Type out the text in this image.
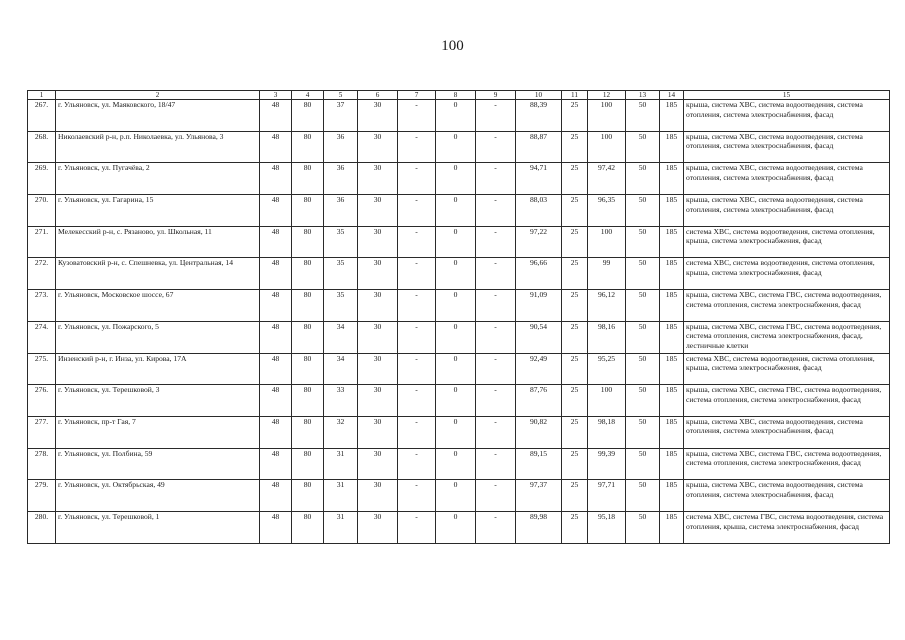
100
1	2	3	4	5	6	7	8	9	10	11	12	13	14	15
267.	г. Ульяновск, ул. Маяковского, 18/47	48	80	37	30	-	0	-	88,39	25	100	50	185	крыша, система ХВС, система водоотведения, система отопления, система электроснабжения, фасад
268.	Николаевский р-н, р.п. Николаевка, ул. Ульянова, 3	48	80	36	30	-	0	-	88,87	25	100	50	185	крыша, система ХВС, система водоотведения, система отопления, система электроснабжения, фасад
269.	г. Ульяновск, ул. Пугачёва, 2	48	80	36	30	-	0	-	94,71	25	97,42	50	185	крыша, система ХВС, система водоотведения, система отопления, система электроснабжения, фасад
270.	г. Ульяновск, ул. Гагарина, 15	48	80	36	30	-	0	-	88,03	25	96,35	50	185	крыша, система ХВС, система водоотведения, система отопления, система электроснабжения, фасад
271.	Мелекесский р-н, с. Рязаново, ул. Школьная, 11	48	80	35	30	-	0	-	97,22	25	100	50	185	система ХВС, система водоотведения, система отопления, крыша, система электроснабжения, фасад
272.	Кузоватовский р-н, с. Спешневка, ул. Центральная, 14	48	80	35	30	-	0	-	96,66	25	99	50	185	система ХВС, система водоотведения, система отопления, крыша, система электроснабжения, фасад
273.	г. Ульяновск, Московское шоссе, 67	48	80	35	30	-	0	-	91,09	25	96,12	50	185	крыша, система ХВС, система ГВС, система водоотведения, система отопления, система электроснабжения, фасад
274.	г. Ульяновск, ул. Пожарского, 5	48	80	34	30	-	0	-	90,54	25	98,16	50	185	крыша, система ХВС, система ГВС, система водоотведения, система отопления, система электроснабжения, фасад, лестничные клетки
275.	Инзенский р-н, г. Инза, ул. Кирова, 17А	48	80	34	30	-	0	-	92,49	25	95,25	50	185	система ХВС, система водоотведения, система отопления, крыша, система электроснабжения, фасад
276.	г. Ульяновск, ул. Терешковой, 3	48	80	33	30	-	0	-	87,76	25	100	50	185	крыша, система ХВС, система ГВС, система водоотведения, система отопления, система электроснабжения, фасад
277.	г. Ульяновск, пр-т Гая, 7	48	80	32	30	-	0	-	90,82	25	98,18	50	185	крыша, система ХВС, система водоотведения, система отопления, система электроснабжения, фасад
278.	г. Ульяновск, ул. Полбина, 59	48	80	31	30	-	0	-	89,15	25	99,39	50	185	крыша, система ХВС, система ГВС, система водоотведения, система отопления, система электроснабжения, фасад
279.	г. Ульяновск, ул. Октябрьская, 49	48	80	31	30	-	0	-	97,37	25	97,71	50	185	крыша, система ХВС, система водоотведения, система отопления, система электроснабжения, фасад
280.	г. Ульяновск, ул. Терешковой, 1	48	80	31	30	-	0	-	89,98	25	95,18	50	185	система ХВС, система ГВС, система водоотведения, система отопления, крыша, система электроснабжения, фасад
